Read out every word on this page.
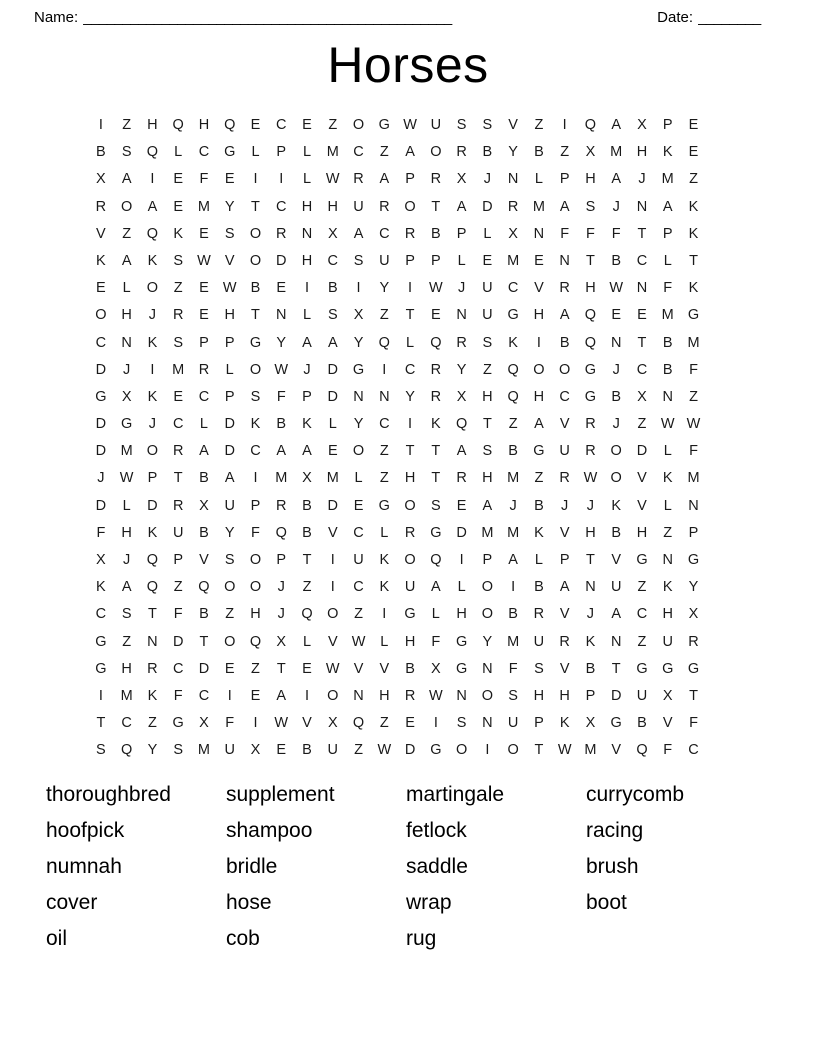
Name: _______________________________________________	Date: ________
Horses
I	Z	H	Q	H	Q	E	C	E	Z	O G W U	S	S	V	Z	I	Q	A	X	P	E
B	S	Q	L	C	G	L	P	L	M C	Z	A	O	R	B	Y	B	Z	X	M H	K	E
X	A	I	E	F	E	I	I	L	W R	A	P	R	X	J	N	L	P	H	A	J	M	Z
R	O	A	E	M	Y	T	C	H	H	U	R	O	T	A	D	R M	A	S	J	N	A	K
V	Z	Q	K	E	S	O	R	N	X	A	C	R	B	P	L	X	N	F	F	F	T	P	K
K	A	K	S W V	O	D	H	C	S	U	P	P	L	E	M	E	N	T	B	C	L	T
E	L	O	Z	E W B	E	I	B	I	Y	I	W	J	U	C	V	R	H W N	F	K
O	H	J	R	E	H	T	N	L	S	X	Z	T	E	N	U	G	H	A	Q	E	E	M G
C	N	K	S	P	P	G	Y	A	A	Y	Q	L	Q	R	S	K	I	B	Q	N	T	B	M
D	J	I	M R	L	O W	J	D	G	I	C	R	Y	Z	Q O O G	J	C	B	F
G	X	K	E	C	P	S	F	P	D	N	N	Y	R	X	H	Q	H	C	G	B	X	N	Z
D	G	J	C	L	D	K	B	K	L	Y	C	I	K	Q	T	Z	A	V	R	J	Z W W
D M O	R	A	D	C	A	A	E	O	Z	T	T	A	S	B	G	U	R	O	D	L	F
J	W P	T	B	A	I	M	X	M	L	Z	H	T	R	H M	Z	R W O	V	K	M
D	L	D	R	X	U	P	R	B	D	E	G O	S	E	A	J	B	J	J	K	V	L	N
F	H	K	U	B	Y	F	Q	B	V	C	L	R	G	D M M	K	V	H	B	H	Z	P
X	J	Q	P	V	S	O	P	T	I	U	K	O Q	I	P	A	L	P	T	V	G	N	G
K	A	Q	Z	Q O O	J	Z	I	C	K	U	A	L	O	I	B	A	N	U	Z	K	Y
C	S	T	F	B	Z	H	J	Q O	Z	I	G	L	H	O	B	R	V	J	A	C	H	X
G	Z	N	D	T	O Q	X	L	V W	L	H	F	G	Y	M U	R	K	N	Z	U	R
G	H	R	C	D	E	Z	T	E W V	V	B	X	G	N	F	S	V	B	T	G G G
I	M	K	F	C	I	E	A	I	O	N	H	R W N	O	S	H	H	P	D	U	X	T
T	C	Z	G	X	F	I	W V	X	Q	Z	E	I	S	N	U	P	K	X	G	B	V	F
S	Q	Y	S	M U	X	E	B	U	Z W D	G O	I	O	T W M	V	Q	F	C
thoroughbred	supplement	martingale	currycomb
hoofpick	shampoo	fetlock	racing
numnah	bridle	saddle	brush
cover	hose	wrap	boot
oil	cob	rug
